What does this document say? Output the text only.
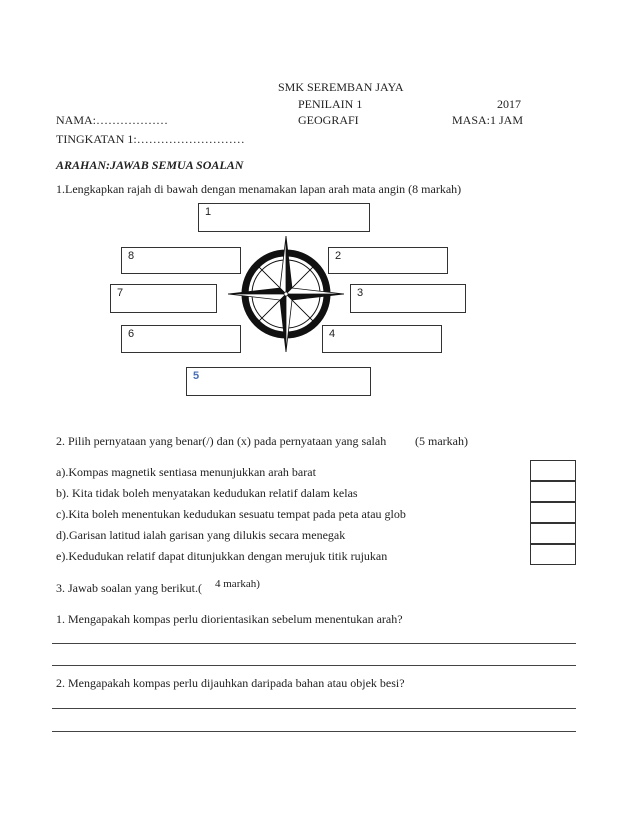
SMK SEREMBAN JAYA
PENILAIN 1	2017
NAMA:………………	GEOGRAFI	MASA:1 JAM
TINGKATAN 1:………………………
ARAHAN:JAWAB SEMUA SOALAN
1.Lengkapkan rajah di bawah dengan menamakan lapan arah mata angin (8 markah)
1
8	2
7	3
6	4
5
2. Pilih pernyataan yang benar(/) dan (x) pada pernyataan yang salah (5 markah)
a).Kompas magnetik sentiasa menunjukkan arah barat
b). Kita tidak boleh menyatakan kedudukan relatif dalam kelas
c).Kita boleh menentukan kedudukan sesuatu tempat pada peta atau glob
d).Garisan latitud ialah garisan yang dilukis secara menegak
e).Kedudukan relatif dapat ditunjukkan dengan merujuk titik rujukan
3. Jawab soalan yang berikut.( 4 markah)
1. Mengapakah kompas perlu diorientasikan sebelum menentukan arah?
2. Mengapakah kompas perlu dijauhkan daripada bahan atau objek besi?
